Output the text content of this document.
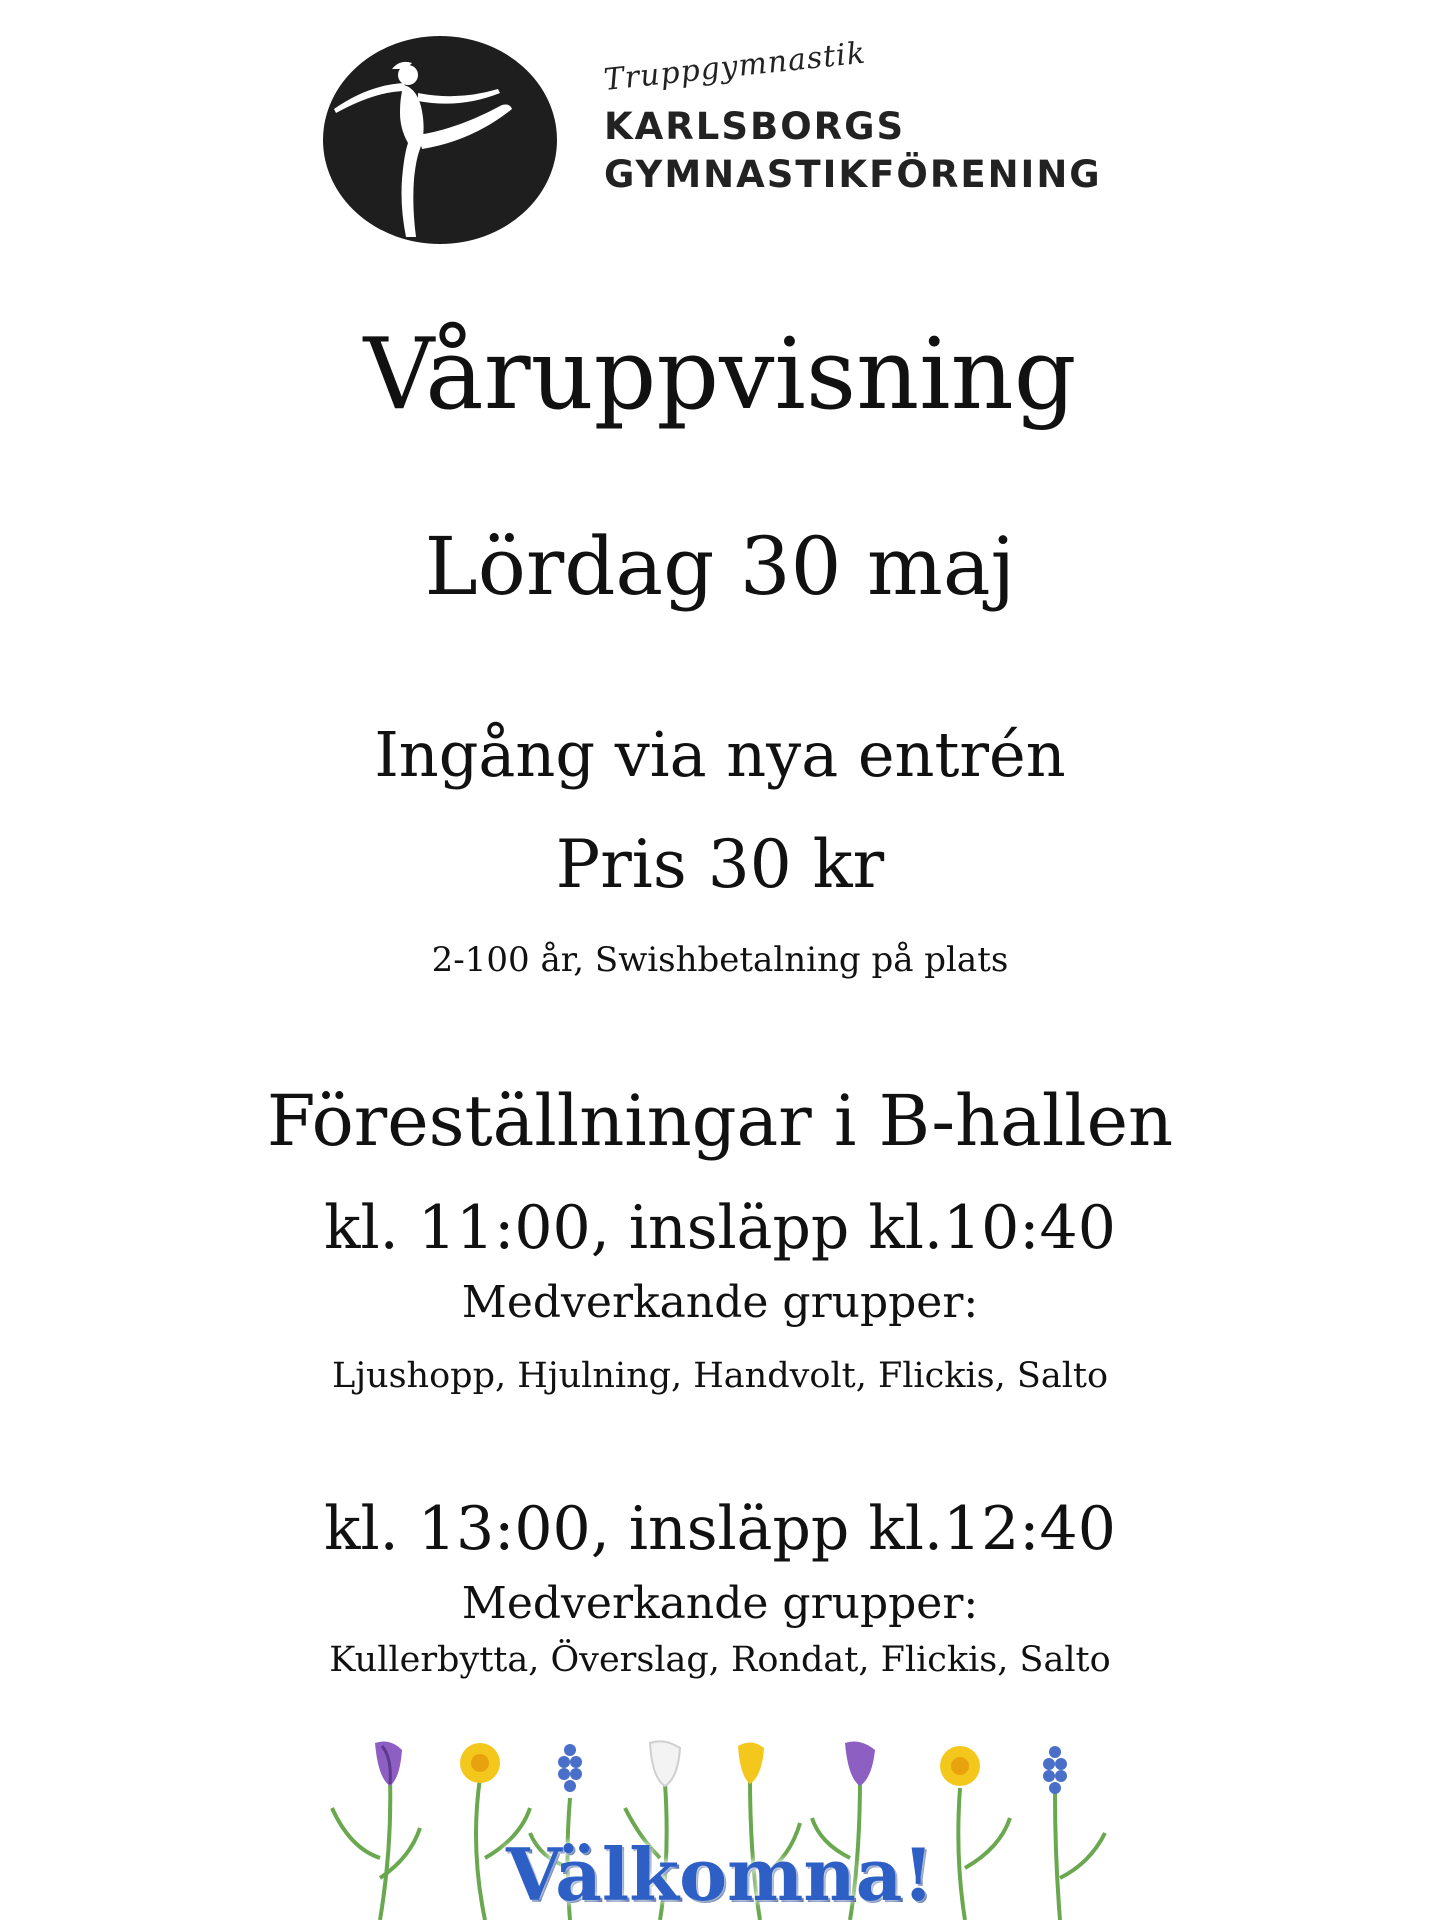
Truppgymnastik
KARLSBORGS
GYMNASTIKFÖRENING
Våruppvisning
Lördag 30 maj
Ingång via nya entrén
Pris 30 kr
2-100 år, Swishbetalning på plats
Föreställningar i B-hallen
kl. 11:00, insläpp kl.10:40
Medverkande grupper:
Ljushopp, Hjulning, Handvolt, Flickis, Salto
kl. 13:00, insläpp kl.12:40
Medverkande grupper:
Kullerbytta, Överslag, Rondat, Flickis, Salto
Välkomna!
